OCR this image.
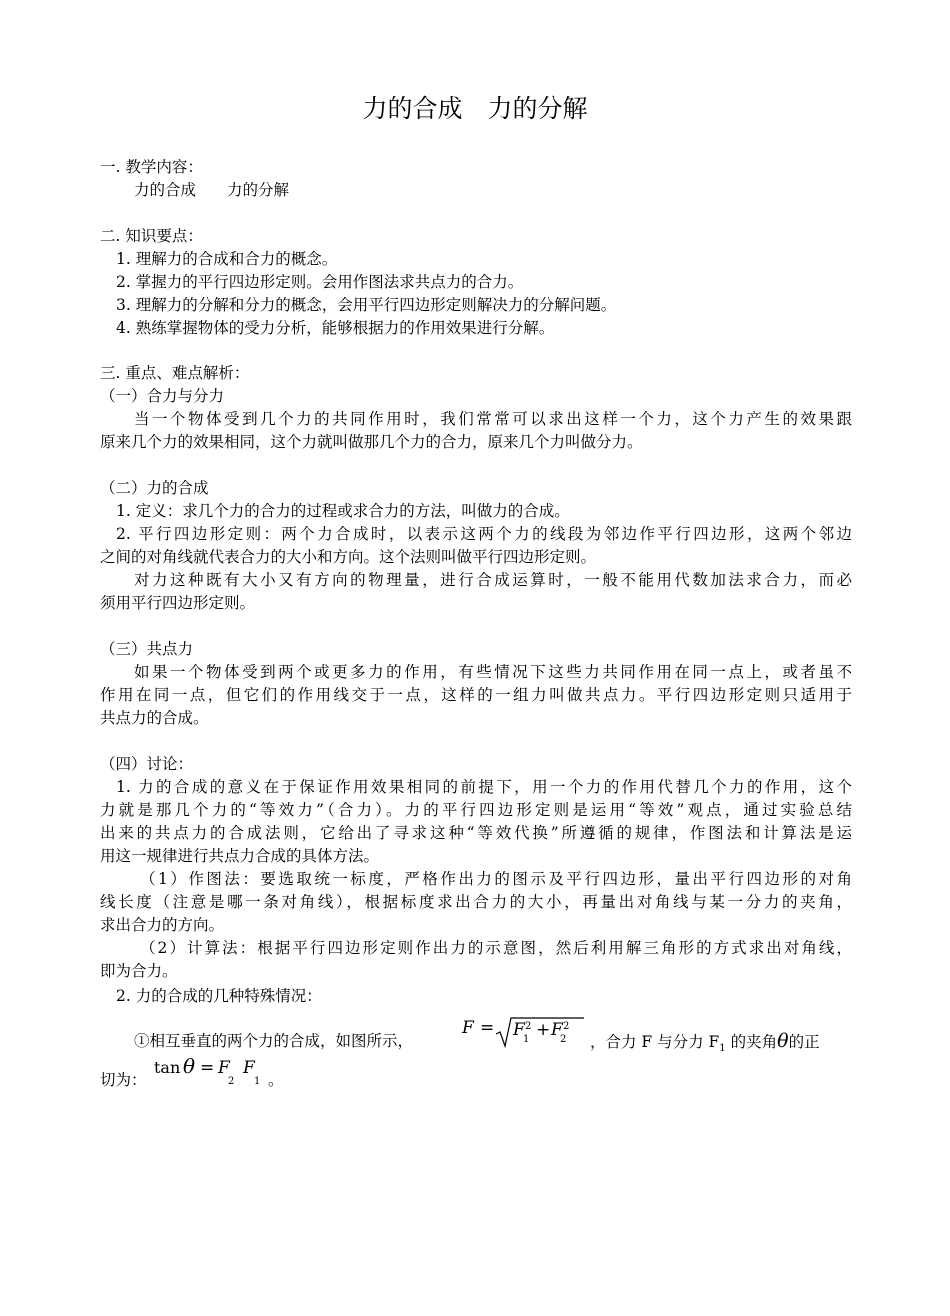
力的合成　力的分解
一. 教学内容：
力的合成　　力的分解
二. 知识要点：
1. 理解力的合成和合力的概念。
2. 掌握力的平行四边形定则。会用作图法求共点力的合力。
3. 理解力的分解和分力的概念，会用平行四边形定则解决力的分解问题。
4. 熟练掌握物体的受力分析，能够根据力的作用效果进行分解。
三. 重点、难点解析：
（一）合力与分力
当一个物体受到几个力的共同作用时，我们常常可以求出这样一个力，这个力产生的效果跟
原来几个力的效果相同，这个力就叫做那几个力的合力，原来几个力叫做分力。
（二）力的合成
1. 定义：求几个力的合力的过程或求合力的方法，叫做力的合成。
2. 平行四边形定则：两个力合成时，以表示这两个力的线段为邻边作平行四边形，这两个邻边
之间的对角线就代表合力的大小和方向。这个法则叫做平行四边形定则。
对力这种既有大小又有方向的物理量，进行合成运算时，一般不能用代数加法求合力，而必
须用平行四边形定则。
（三）共点力
如果一个物体受到两个或更多力的作用，有些情况下这些力共同作用在同一点上，或者虽不
作用在同一点，但它们的作用线交于一点，这样的一组力叫做共点力。平行四边形定则只适用于
共点力的合成。
（四）讨论：
1. 力的合成的意义在于保证作用效果相同的前提下，用一个力的作用代替几个力的作用，这个
力就是那几个力的“等效力”（合力）。力的平行四边形定则是运用“等效”观点，通过实验总结
出来的共点力的合成法则，它给出了寻求这种“等效代换”所遵循的规律，作图法和计算法是运
用这一规律进行共点力合成的具体方法。
（1）作图法：要选取统一标度，严格作出力的图示及平行四边形，量出平行四边形的对角
线长度（注意是哪一条对角线），根据标度求出合力的大小，再量出对角线与某一分力的夹角，
求出合力的方向。
（2）计算法：根据平行四边形定则作出力的示意图，然后利用解三角形的方式求出对角线，
即为合力。
2. 力的合成的几种特殊情况：
①相互垂直的两个力的合成，如图所示，
F = F 2
1 + F 2
2 ，合力 F 与分力 $F_1$ 的夹角θ的正
切为：
tan θ = F
2
F
1 。
